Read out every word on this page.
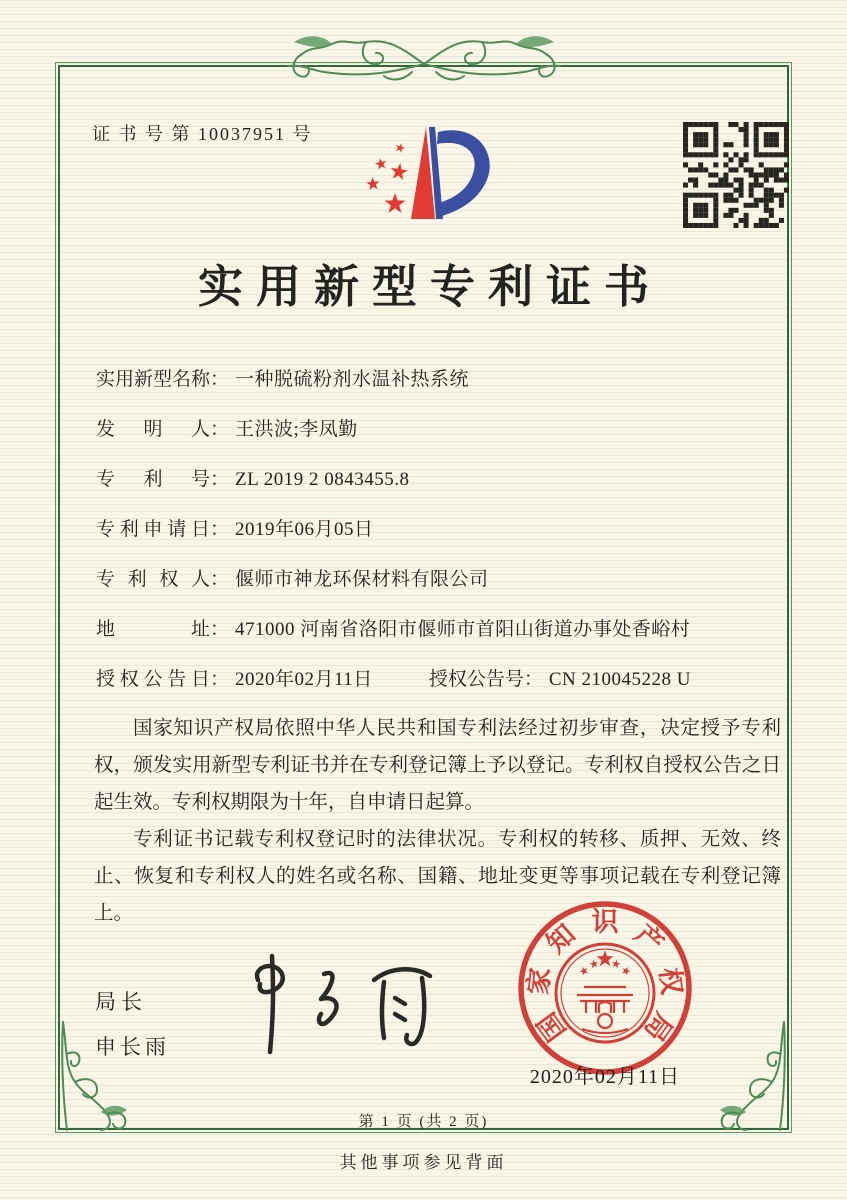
证 书 号 第 10037951 号
实用新型专利证书
实用新型名称 ： 一种脱硫粉剂水温补热系统
发明人 ： 王洪波;李凤勤
专利号 ： ZL 2019 2 0843455.8
专利申请日 ： 2019年06月05日
专利权人 ： 偃师市神龙环保材料有限公司
地址 ： 471000 河南省洛阳市偃师市首阳山街道办事处香峪村
授权公告日 ： 2020年02月11日	授权公告号 ： CN 210045228 U

国家知识产权局依照中华人民共和国专利法经过初步审查，决定授予专利权，颁发实用新型专利证书并在专利登记簿上予以登记。专利权自授权公告之日起生效。专利权期限为十年，自申请日起算。

专利证书记载专利权登记时的法律状况。专利权的转移、质押、无效、终止、恢复和专利权人的姓名或名称、国籍、地址变更等事项记载在专利登记簿上。

局长
申长雨
国
家
知 识 产
权
局
2020年02月11日
第 1 页 (共 2 页)
其他事项参见背面
